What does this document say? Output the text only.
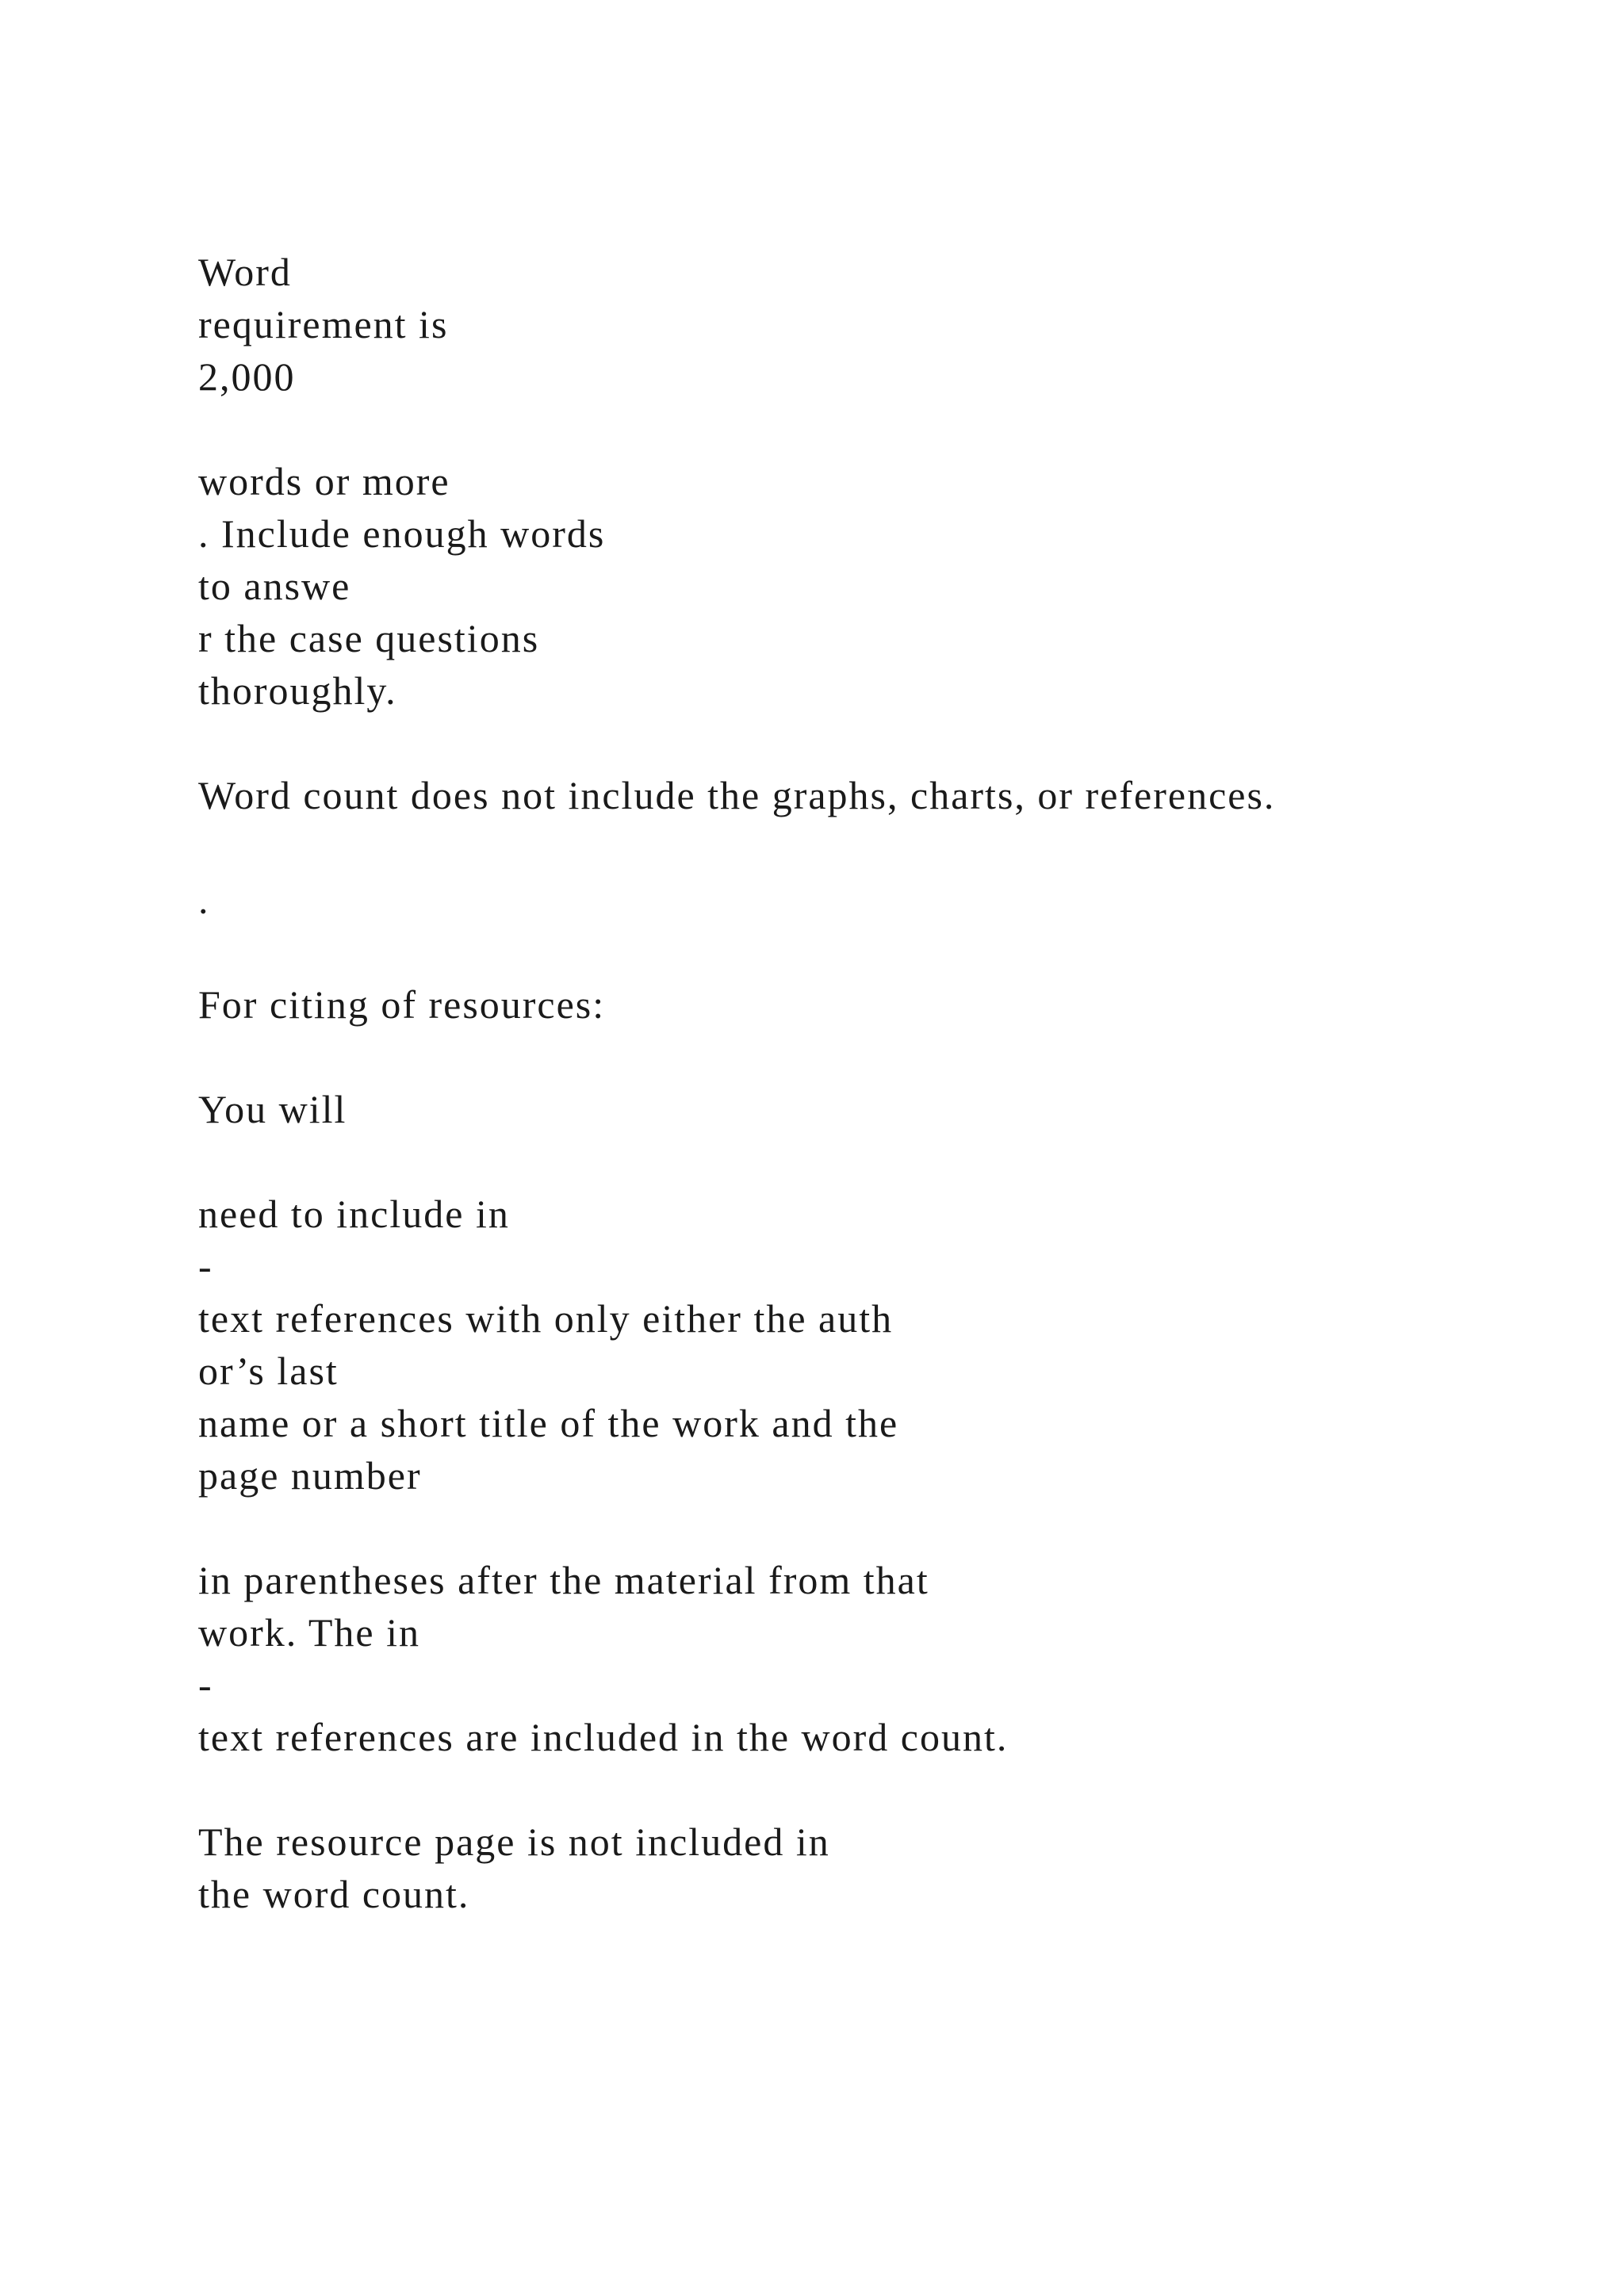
Word
requirement is
2,000
words or more
. Include enough words
to answe
r the case questions
thoroughly.
Word count does not include the graphs, charts, or references.
.
For citing of resources:
You will
need to include in
-
text references with only either the auth
or’s last
name or a short title of the work and the
page number
in parentheses after the material from that
work. The in
-
text references are included in the word count.
The resource page is not included in
the word count.
